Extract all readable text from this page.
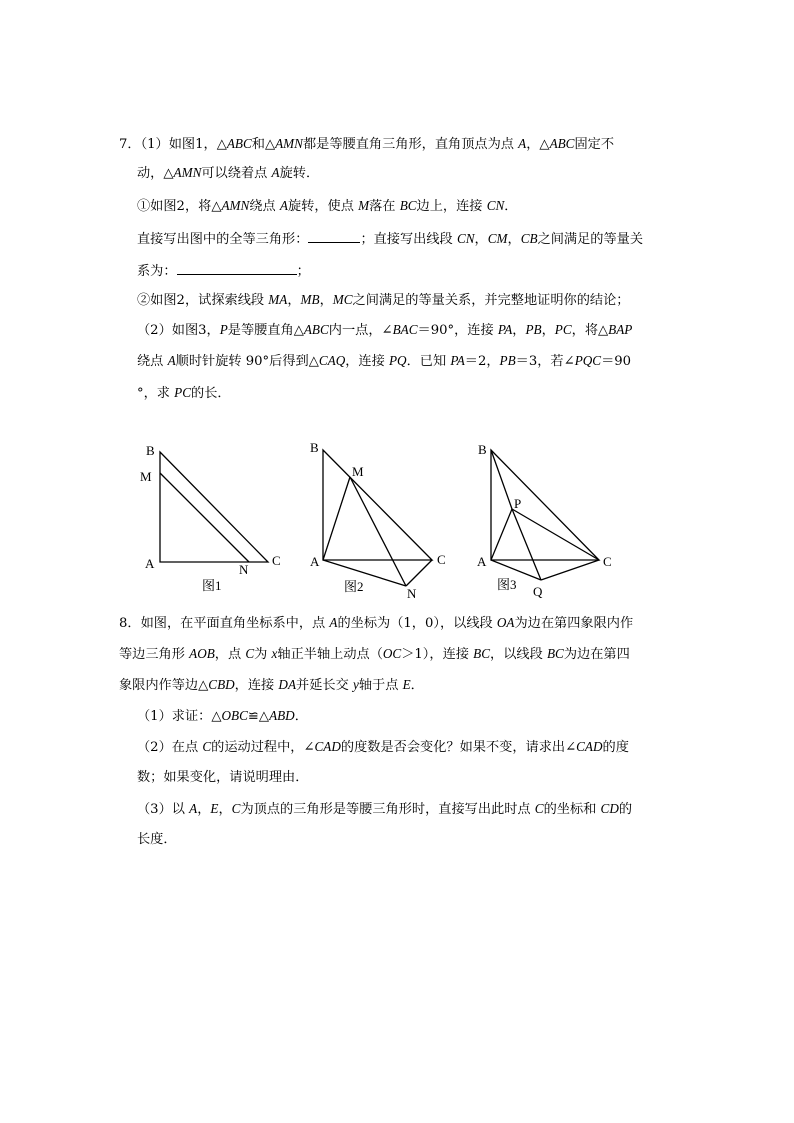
7．（1）如图1，△ABC和△AMN都是等腰直角三角形，直角顶点为点 A，△ABC固定不
动，△AMN可以绕着点 A旋转．
①如图2，将△AMN绕点 A旋转，使点 M落在 BC边上，连接 CN．
直接写出图中的全等三角形：	；直接写出线段 CN，CM，CB之间满足的等量关
系为：	；
②如图2，试探索线段 MA，MB，MC之间满足的等量关系，并完整地证明你的结论；
（2）如图3，P是等腰直角△ABC内一点，∠BAC＝90°，连接 PA，PB，PC，将△BAP
绕点 A顺时针旋转 90°后得到△CAQ，连接 PQ．已知 PA＝2，PB＝3，若∠PQC＝90
°，求 PC的长．
B
M
A	N
C
图1
B
M
A	C
N
图2
B
P
A	C
Q
图3
8．如图，在平面直角坐标系中，点 A的坐标为（1，0），以线段 OA为边在第四象限内作
等边三角形 AOB，点 C为 x轴正半轴上动点（OC＞1），连接 BC，以线段 BC为边在第四
象限内作等边△CBD，连接 DA并延长交 y轴于点 E．
（1）求证：△OBC≌△ABD．
（2）在点 C的运动过程中，∠CAD的度数是否会变化？如果不变，请求出∠CAD的度
数；如果变化，请说明理由．
（3）以 A，E，C为顶点的三角形是等腰三角形时，直接写出此时点 C的坐标和 CD的
长度．
